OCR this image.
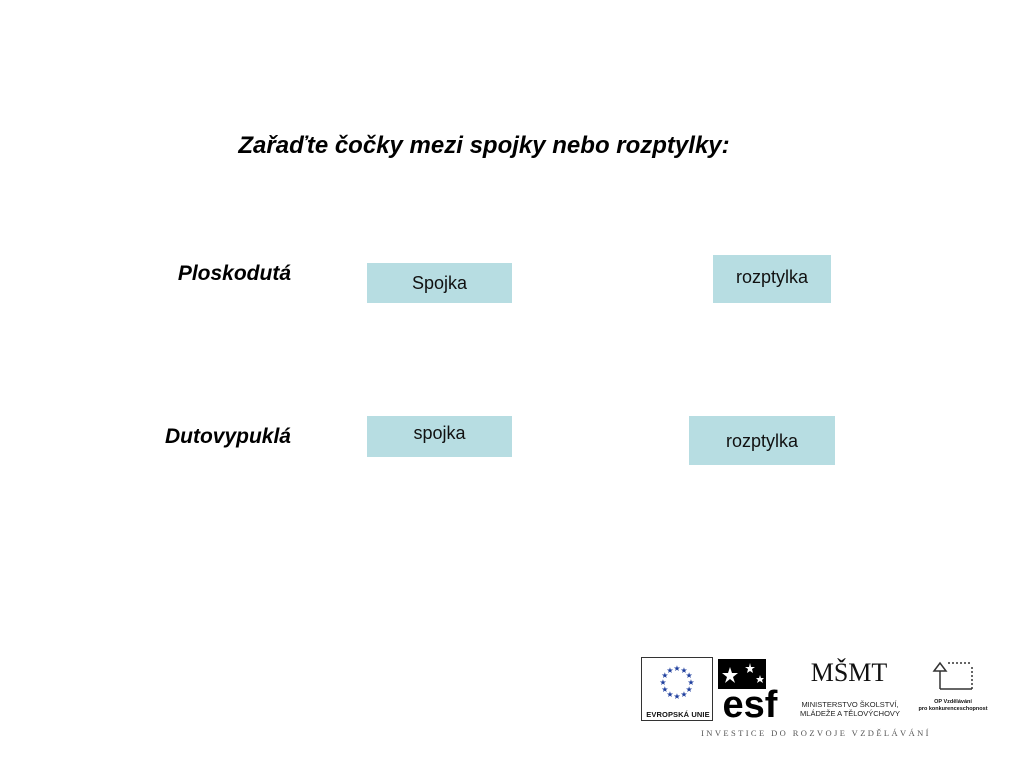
Zařaďte čočky mezi spojky nebo rozptylky:
Ploskodutá	Spojka	rozptylka
Dutovypuklá	spojka	rozptylka
★ ★
★
★
★
★
★
★
★
★
★
★
EVROPSKÁ UNIE esf
MŠMT
MINISTERSTVO ŠKOLSTVÍ,
MLÁDEŽE A TĚLOVÝCHOVY
OP Vzdělávání
pro konkurenceschopnost
INVESTICE DO ROZVOJE VZDĚLÁVÁNÍ
